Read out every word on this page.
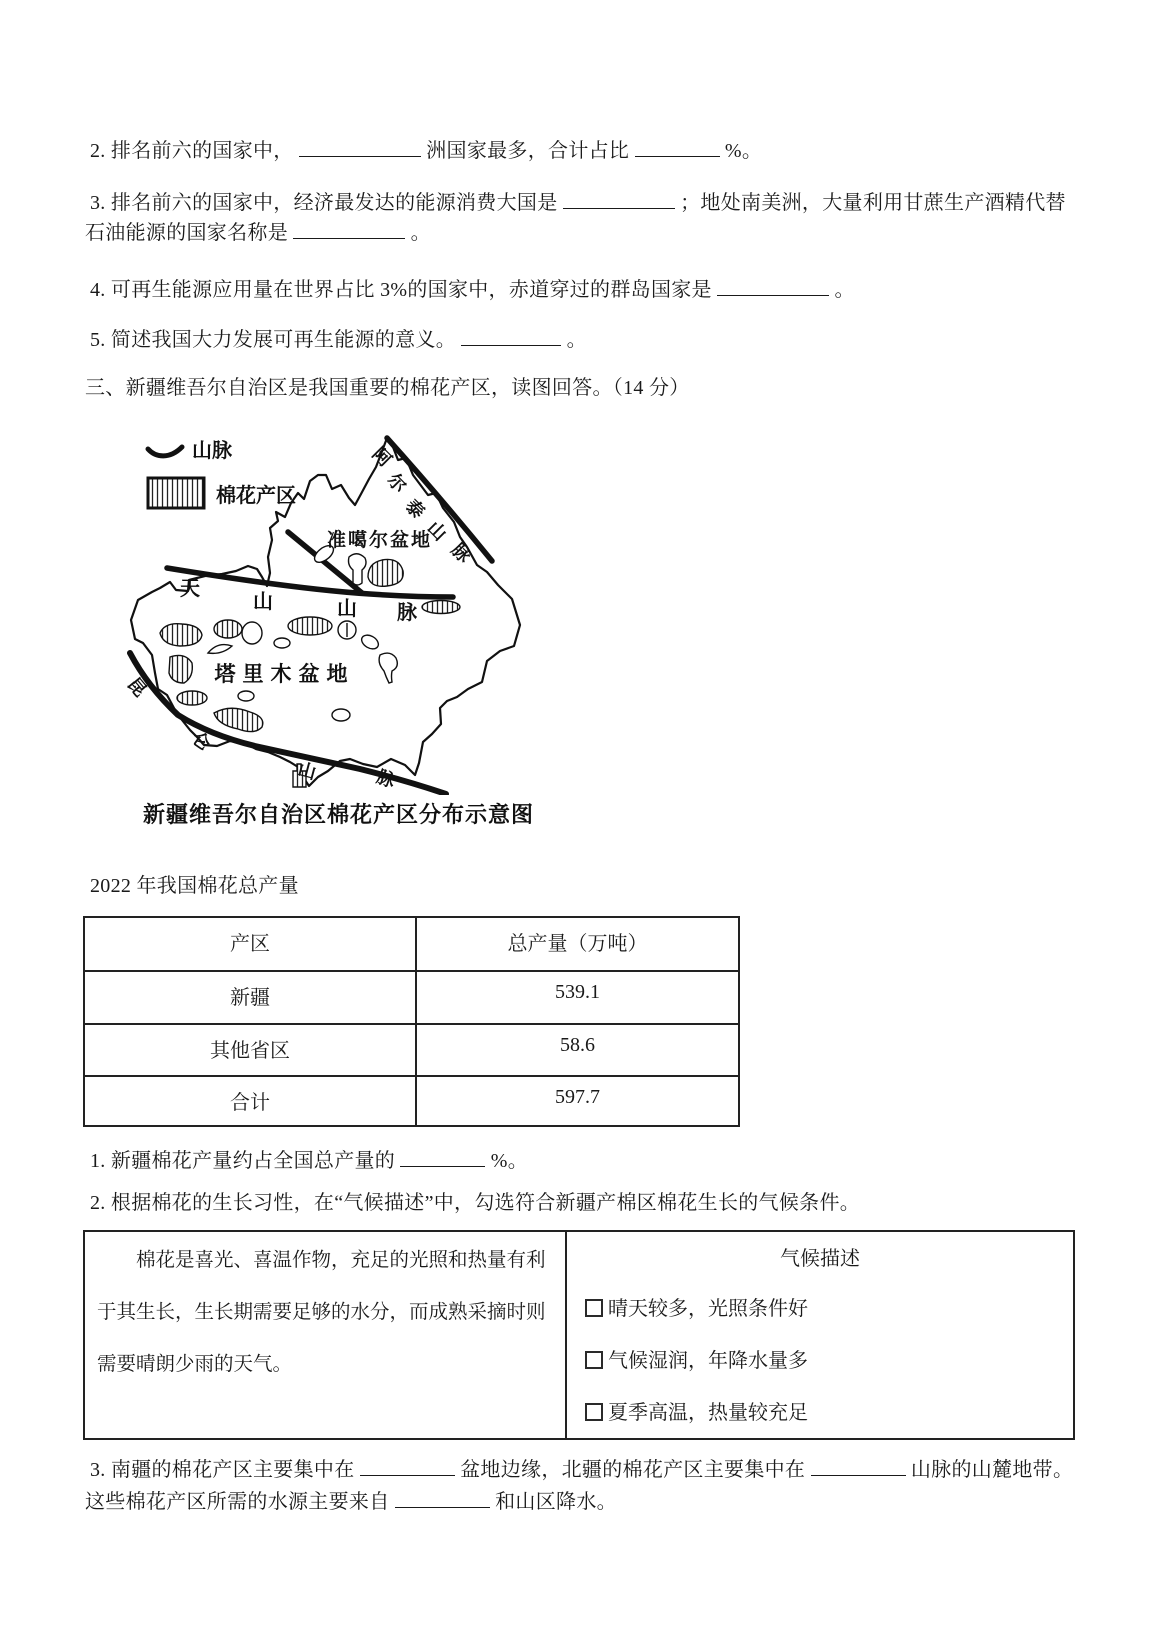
2. 排名前六的国家中，	洲国家最多，合计占比	%。
3. 排名前六的国家中，经济最发达的能源消费大国是	；地处南美洲，大量利用甘蔗生产酒精代替
石油能源的国家名称是	。
4. 可再生能源应用量在世界占比 3%的国家中，赤道穿过的群岛国家是	。
5. 简述我国大力发展可再生能源的意义。	。
三、新疆维吾尔自治区是我国重要的棉花产区，读图回答。（14 分）
山脉
棉花产区
准噶尔盆地
塔 里 木 盆 地
天
山	山 脉
阿
尔
泰
山
脉
昆
仑
山	脉
新疆维吾尔自治区棉花产区分布示意图
2022 年我国棉花总产量
产区	总产量（万吨）
新疆	539.1
其他省区	58.6
合计	597.7
1. 新疆棉花产量约占全国总产量的	%。
2. 根据棉花的生长习性，在“气候描述”中，勾选符合新疆产棉区棉花生长的气候条件。
棉花是喜光、喜温作物，充足的光照和热量有利于其生长，生长期需要足够的水分，而成熟采摘时则需要晴朗少雨的天气。
气候描述
晴天较多，光照条件好
气候湿润，年降水量多
夏季高温，热量较充足
3. 南疆的棉花产区主要集中在	盆地边缘，北疆的棉花产区主要集中在	山脉的山麓地带。
这些棉花产区所需的水源主要来自	和山区降水。
